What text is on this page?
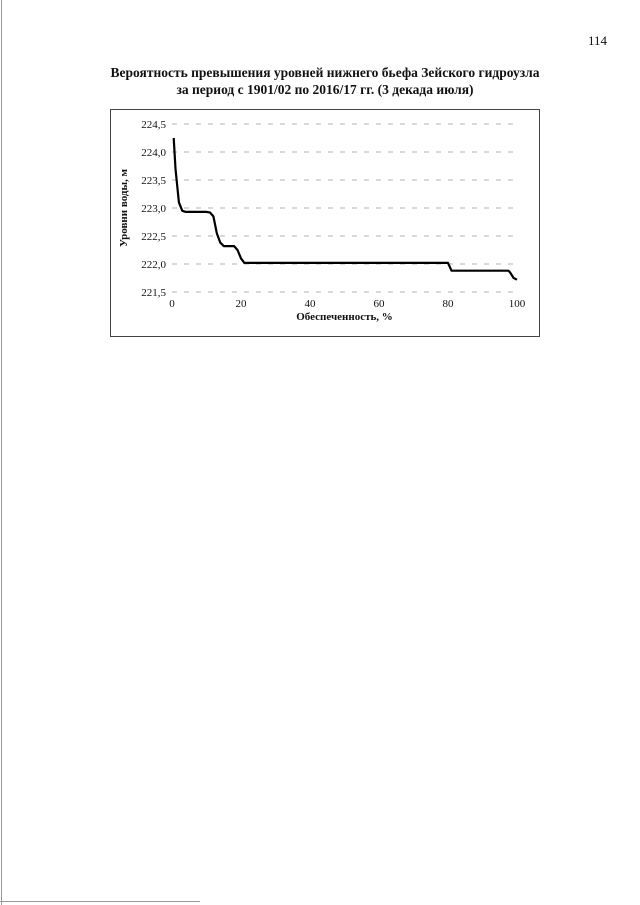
114
Вероятность превышения уровней нижнего бьефа Зейского гидроузла
за период с 1901/02 по 2016/17 гг. (3 декада июля)
221,5
222,0
222,5
223,0
223,5
224,0
224,5
0	20	40	60	80	100
Обеспеченность, %
Уровни воды, м
